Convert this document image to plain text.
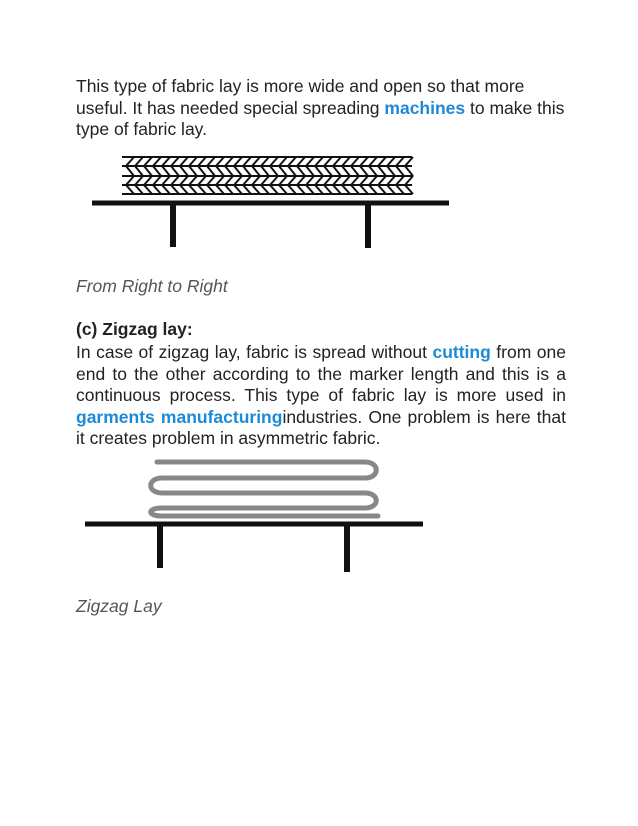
This type of fabric lay is more wide and open so that more useful. It has needed special spreading machines to make this type of fabric lay.

From Right to Right

(c) Zigzag lay:

In case of zigzag lay, fabric is spread without cutting from one end to the other according to the marker length and this is a continuous process. This type of fabric lay is more used in garments manufacturingindustries. One problem is here that it creates problem in asymmetric fabric.

Zigzag Lay
